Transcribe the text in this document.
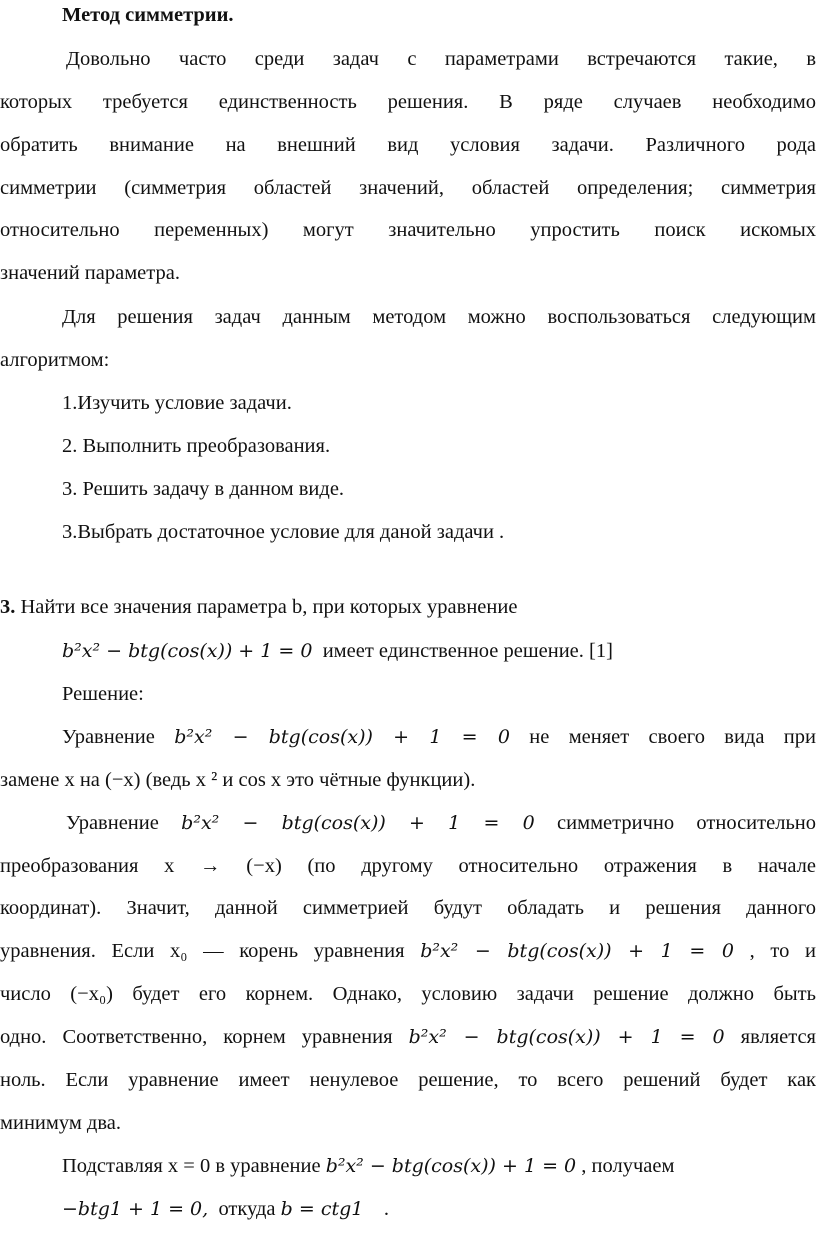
Метод симметрии.
Довольно часто среди задач с параметрами встречаются такие, в
которых требуется единственность решения. В ряде случаев необходимо
обратить внимание на внешний вид условия задачи. Различного рода
симметрии (симметрия областей значений, областей определения; симметрия
относительно переменных) могут значительно упростить поиск искомых
значений параметра.
Для решения задач данным методом можно воспользоваться следующим
алгоритмом:
1.Изучить условие задачи.
2. Выполнить преобразования.
3. Решить задачу в данном виде.
3.Выбрать достаточное условие для даной задачи .
3. Найти все значения параметра b, при которых уравнение
b²x² − btg(cos(x)) + 1 = 0 имеет единственное решение. [1]
Решение:
Уравнение b²x² − btg(cos(x)) + 1 = 0 не меняет своего вида при
замене x на (−x) (ведь x ² и cos x это чётные функции).
Уравнение b²x² − btg(cos(x)) + 1 = 0 симметрично относительно
преобразования x → (−x) (по другому относительно отражения в начале
координат). Значит, данной симметрией будут обладать и решения данного
уравнения. Если x₀ — корень уравнения b²x² − btg(cos(x)) + 1 = 0 , то и
число (−x₀) будет его корнем. Однако, условию задачи решение должно быть
одно. Соответственно, корнем уравнения b²x² − btg(cos(x)) + 1 = 0 является
ноль. Если уравнение имеет ненулевое решение, то всего решений будет как
минимум два.
Подставляя x = 0 в уравнение b²x² − btg(cos(x)) + 1 = 0 , получаем
−btg1 + 1 = 0, откуда b = ctg1    .
